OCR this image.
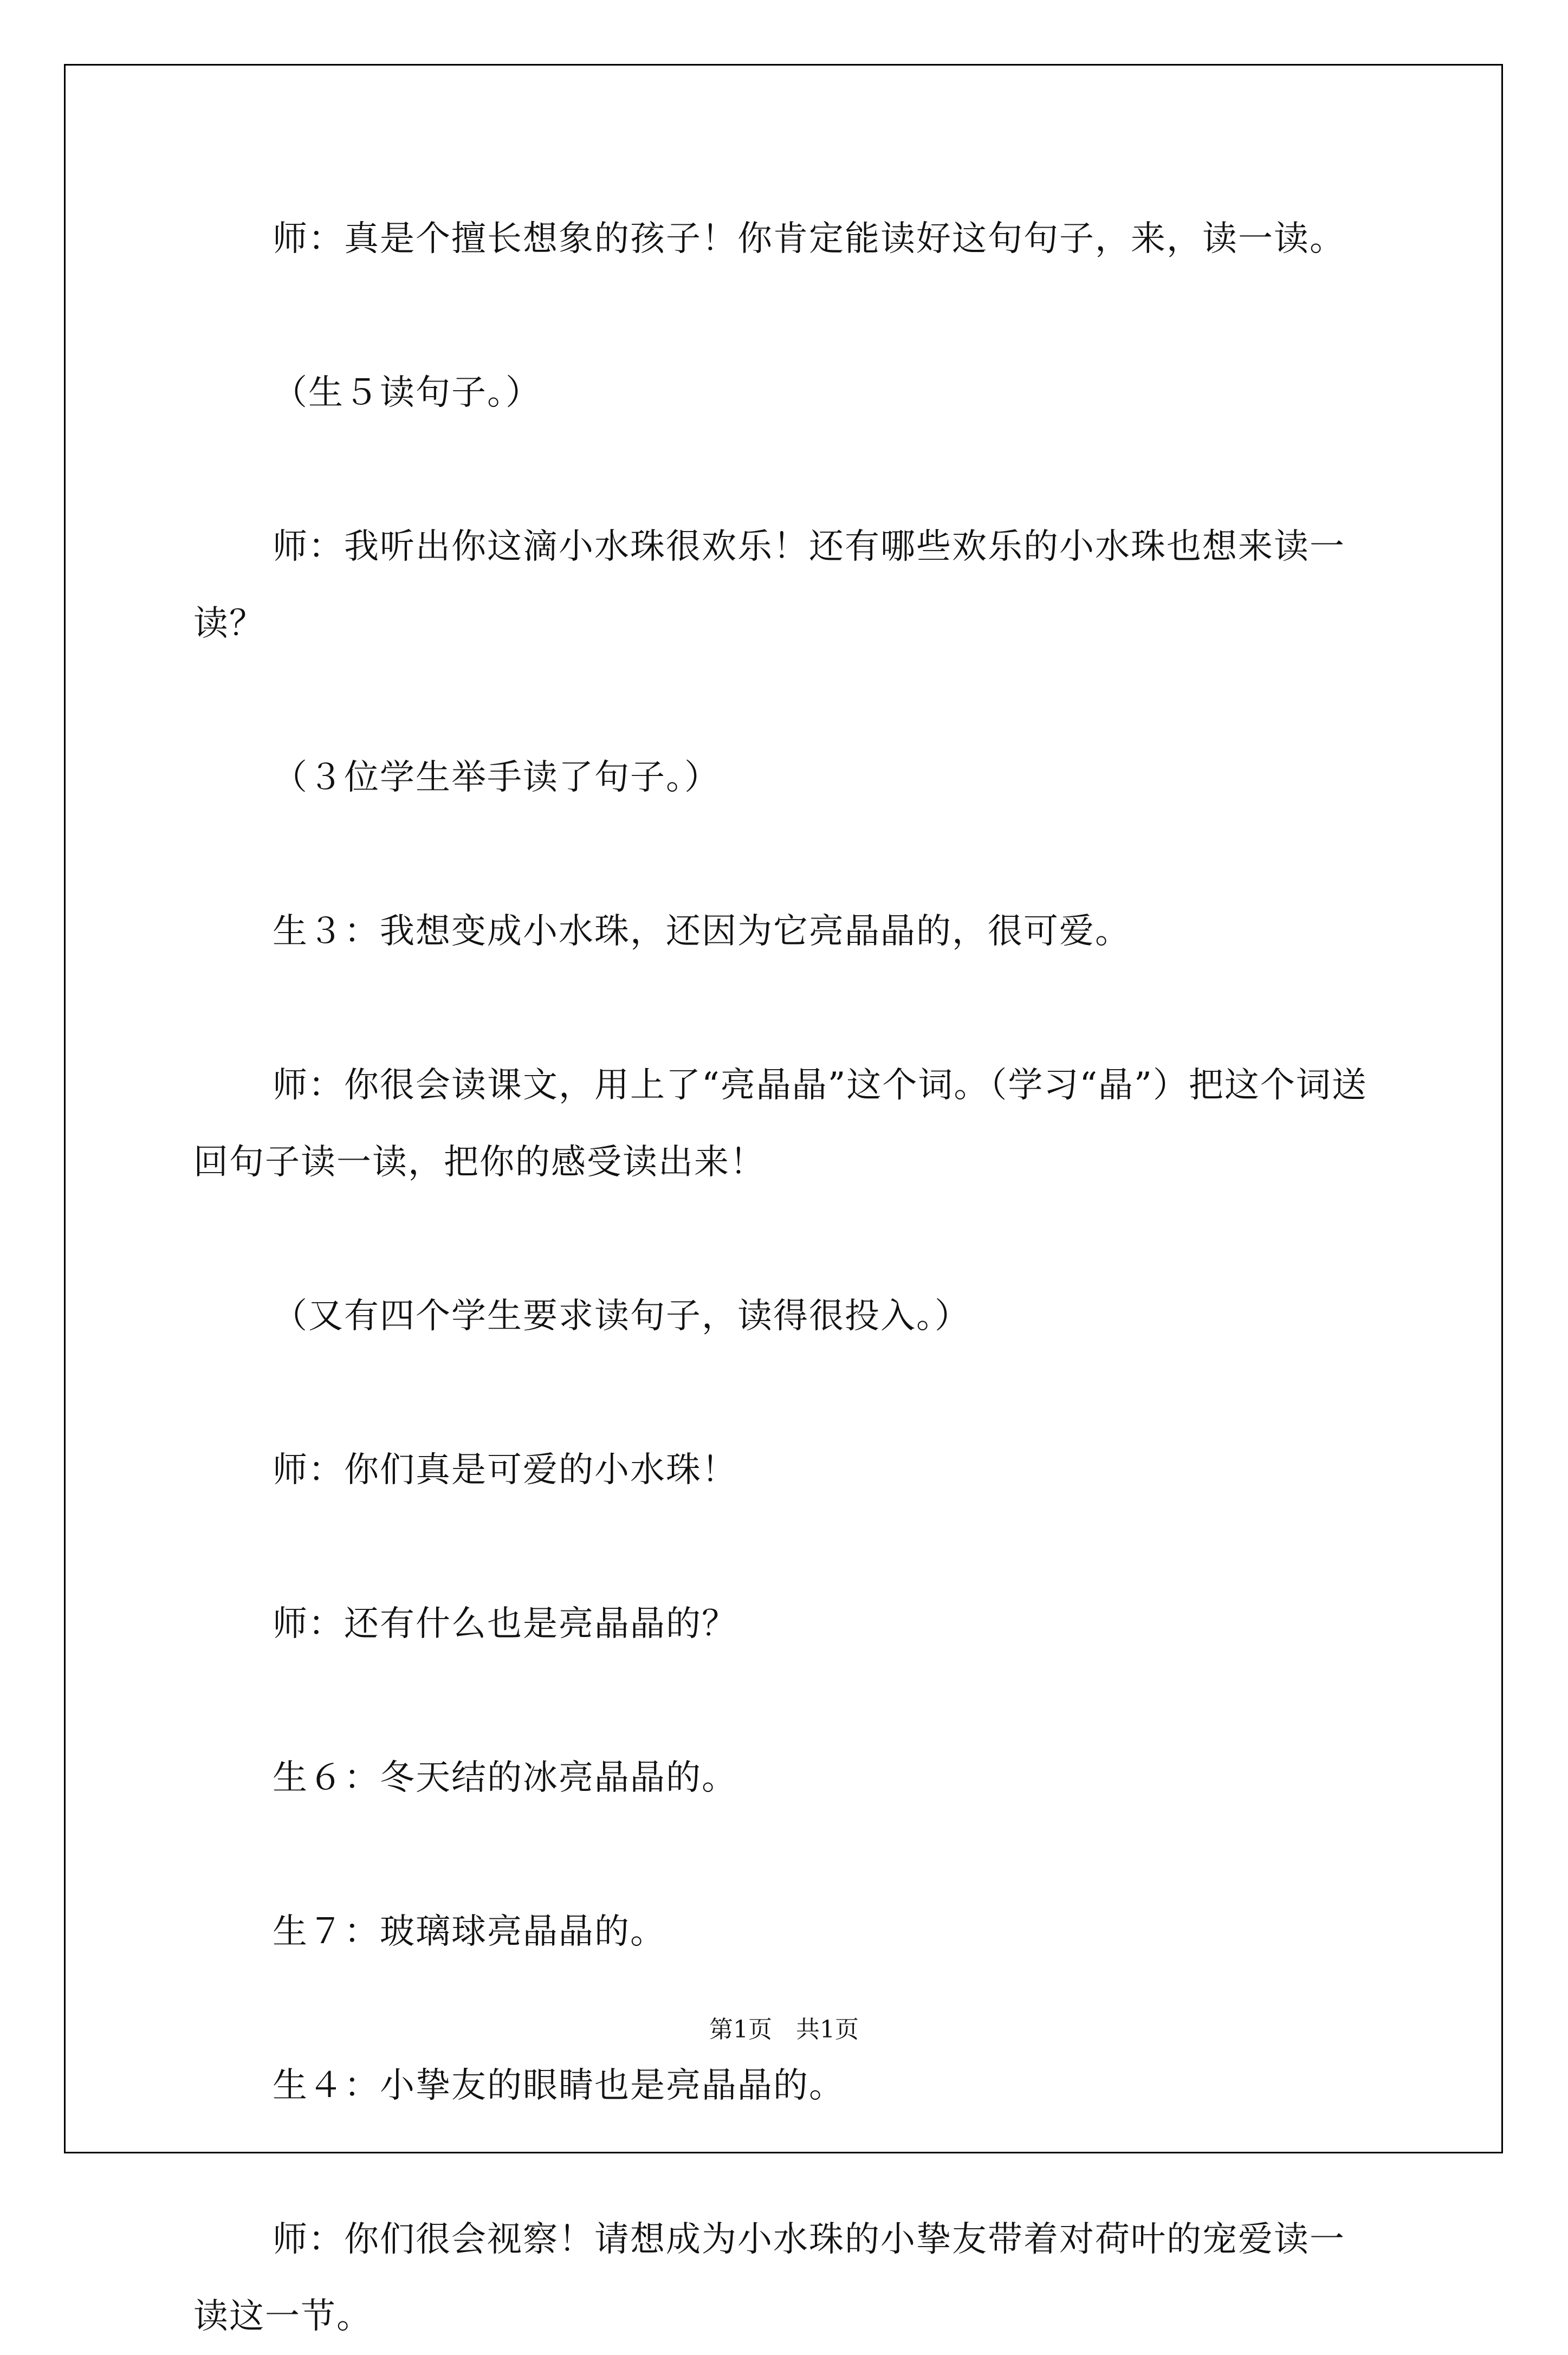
师：真是个擅长想象的孩子！你肯定能读好这句句子，来，读一读。

（生５读句子。）

师：我听出你这滴小水珠很欢乐！还有哪些欢乐的小水珠也想来读一读？

（３位学生举手读了句子。）

生３：我想变成小水珠，还因为它亮晶晶的，很可爱。

师：你很会读课文，用上了“亮晶晶”这个词。（学习“晶”）把这个词送回句子读一读，把你的感受读出来！

（又有四个学生要求读句子，读得很投入。）

师：你们真是可爱的小水珠！

师：还有什么也是亮晶晶的？

生６：冬天结的冰亮晶晶的。

生７：玻璃球亮晶晶的。

生４：小挚友的眼睛也是亮晶晶的。

师：你们很会视察！请想成为小水珠的小挚友带着对荷叶的宠爱读一读这一节。

第1页 共1页
